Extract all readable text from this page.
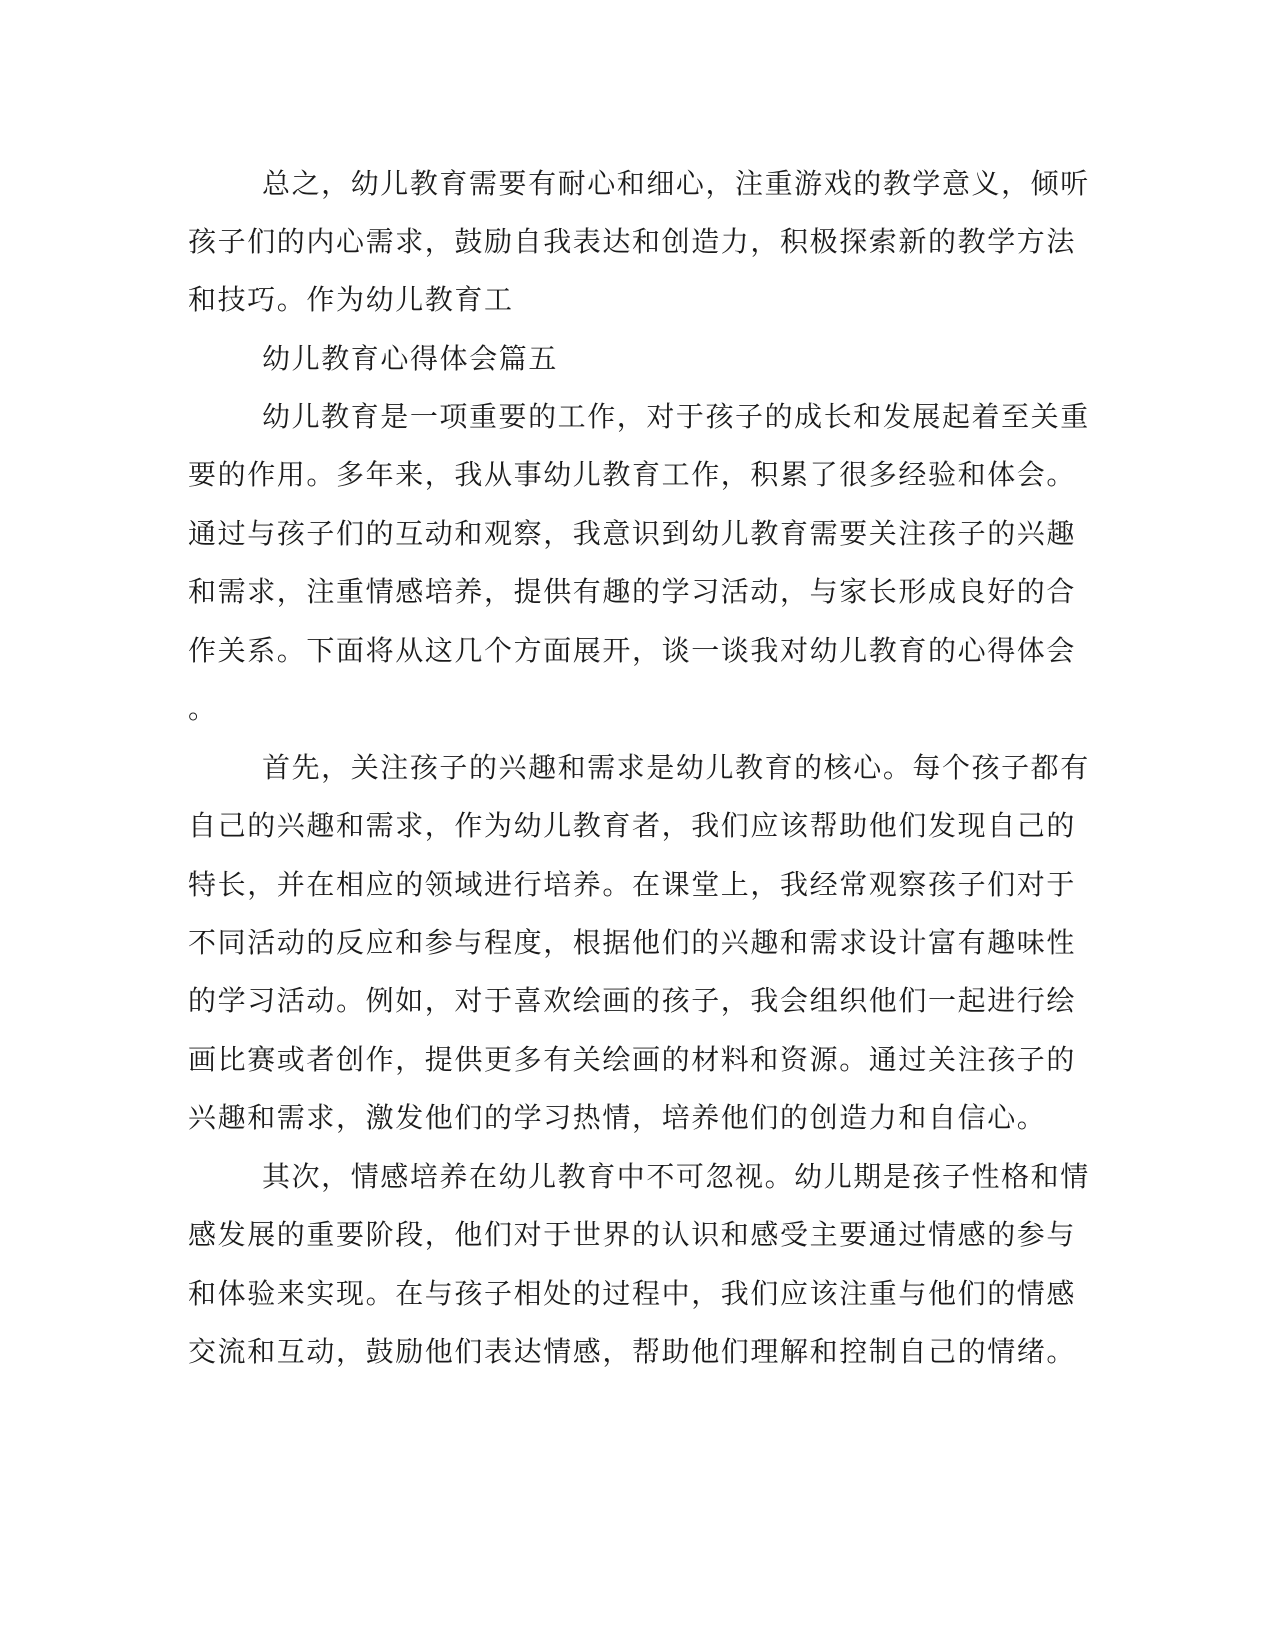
总之，幼儿教育需要有耐心和细心，注重游戏的教学意义，倾听

孩子们的内心需求，鼓励自我表达和创造力，积极探索新的教学方法

和技巧。作为幼儿教育工

幼儿教育心得体会篇五

幼儿教育是一项重要的工作，对于孩子的成长和发展起着至关重

要的作用。多年来，我从事幼儿教育工作，积累了很多经验和体会。

通过与孩子们的互动和观察，我意识到幼儿教育需要关注孩子的兴趣

和需求，注重情感培养，提供有趣的学习活动，与家长形成良好的合

作关系。下面将从这几个方面展开，谈一谈我对幼儿教育的心得体会

。

首先，关注孩子的兴趣和需求是幼儿教育的核心。每个孩子都有

自己的兴趣和需求，作为幼儿教育者，我们应该帮助他们发现自己的

特长，并在相应的领域进行培养。在课堂上，我经常观察孩子们对于

不同活动的反应和参与程度，根据他们的兴趣和需求设计富有趣味性

的学习活动。例如，对于喜欢绘画的孩子，我会组织他们一起进行绘

画比赛或者创作，提供更多有关绘画的材料和资源。通过关注孩子的

兴趣和需求，激发他们的学习热情，培养他们的创造力和自信心。

其次，情感培养在幼儿教育中不可忽视。幼儿期是孩子性格和情

感发展的重要阶段，他们对于世界的认识和感受主要通过情感的参与

和体验来实现。在与孩子相处的过程中，我们应该注重与他们的情感

交流和互动，鼓励他们表达情感，帮助他们理解和控制自己的情绪。
